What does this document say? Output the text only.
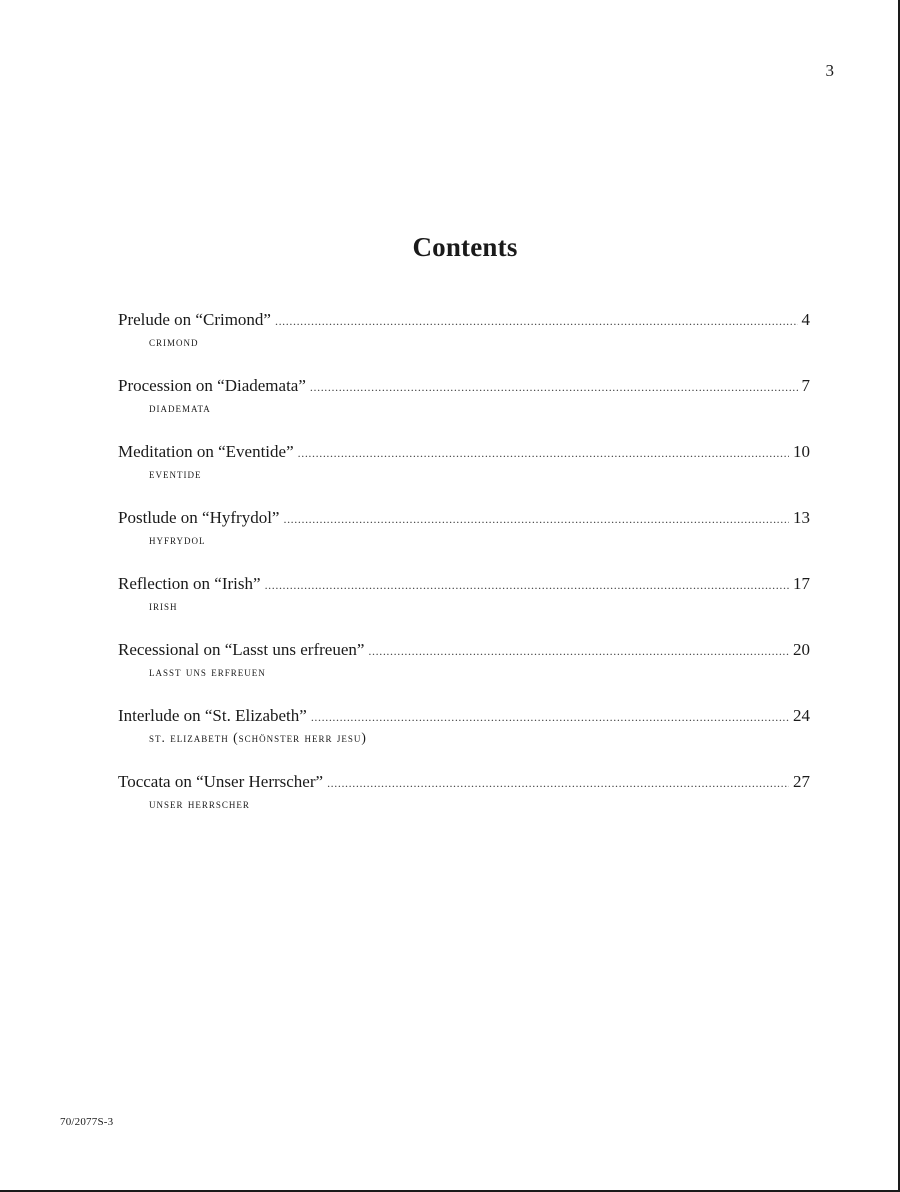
3
Contents
Prelude on “Crimond” .....	4
crimond
Procession on “Diademata” .....	7
diademata
Meditation on “Eventide” .....	10
eventide
Postlude on “Hyfrydol” .....	13
hyfrydol
Reflection on “Irish” .....	17
irish
Recessional on “Lasst uns erfreuen” .....	20
lasst uns erfreuen
Interlude on “St. Elizabeth” .....	24
st. elizabeth (schönster herr jesu)
Toccata on “Unser Herrscher” .....	27
unser herrscher
70/2077S-3
